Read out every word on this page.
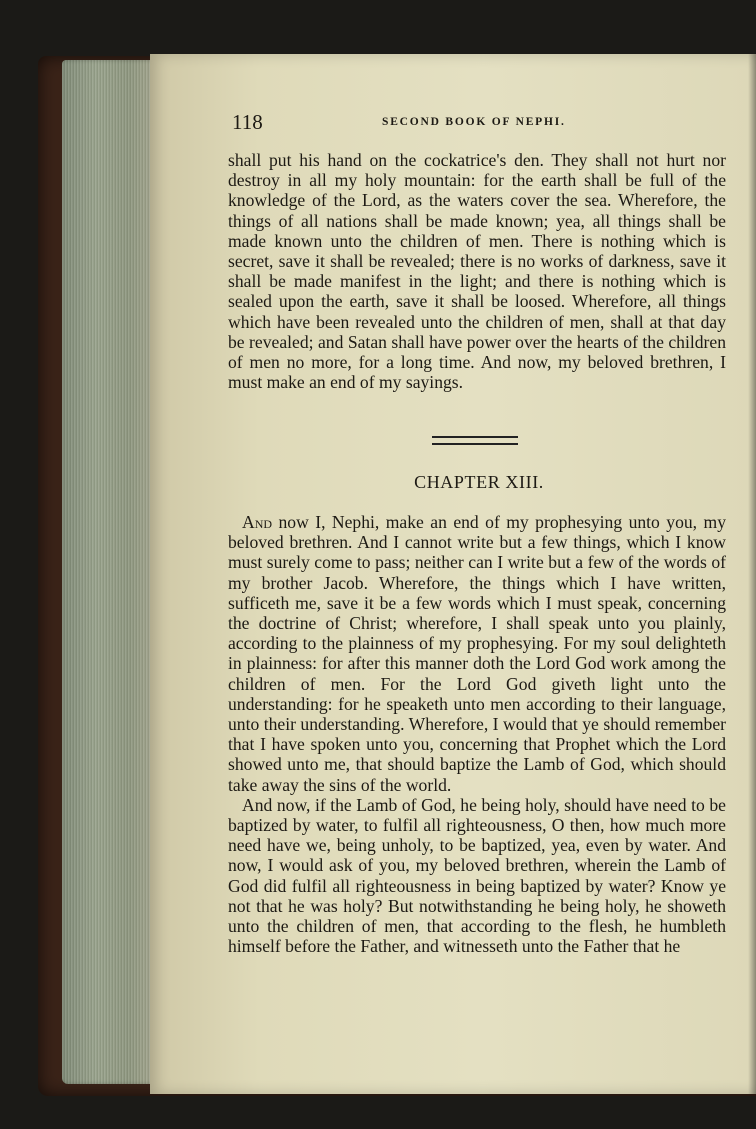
118	SECOND BOOK OF NEPHI.

shall put his hand on the cockatrice's den. They shall not hurt nor destroy in all my holy mountain: for the earth shall be full of the knowledge of the Lord, as the waters cover the sea. Wherefore, the things of all nations shall be made known; yea, all things shall be made known unto the children of men. There is nothing which is secret, save it shall be revealed; there is no works of darkness, save it shall be made manifest in the light; and there is nothing which is sealed upon the earth, save it shall be loosed. Wherefore, all things which have been revealed unto the children of men, shall at that day be revealed; and Satan shall have power over the hearts of the children of men no more, for a long time. And now, my beloved brethren, I must make an end of my sayings.

CHAPTER XIII.

And now I, Nephi, make an end of my prophesying unto you, my beloved brethren. And I cannot write but a few things, which I know must surely come to pass; neither can I write but a few of the words of my brother Jacob. Wherefore, the things which I have written, sufficeth me, save it be a few words which I must speak, concerning the doctrine of Christ; wherefore, I shall speak unto you plainly, according to the plainness of my prophesying. For my soul delighteth in plainness: for after this manner doth the Lord God work among the children of men. For the Lord God giveth light unto the understanding: for he speaketh unto men according to their language, unto their understanding. Wherefore, I would that ye should remember that I have spoken unto you, concerning that Prophet which the Lord showed unto me, that should baptize the Lamb of God, which should take away the sins of the world.

And now, if the Lamb of God, he being holy, should have need to be baptized by water, to fulfil all righteousness, O then, how much more need have we, being unholy, to be baptized, yea, even by water. And now, I would ask of you, my beloved brethren, wherein the Lamb of God did fulfil all righteousness in being baptized by water? Know ye not that he was holy? But notwithstanding he being holy, he showeth unto the children of men, that according to the flesh, he humbleth himself before the Father, and witnesseth unto the Father that he
